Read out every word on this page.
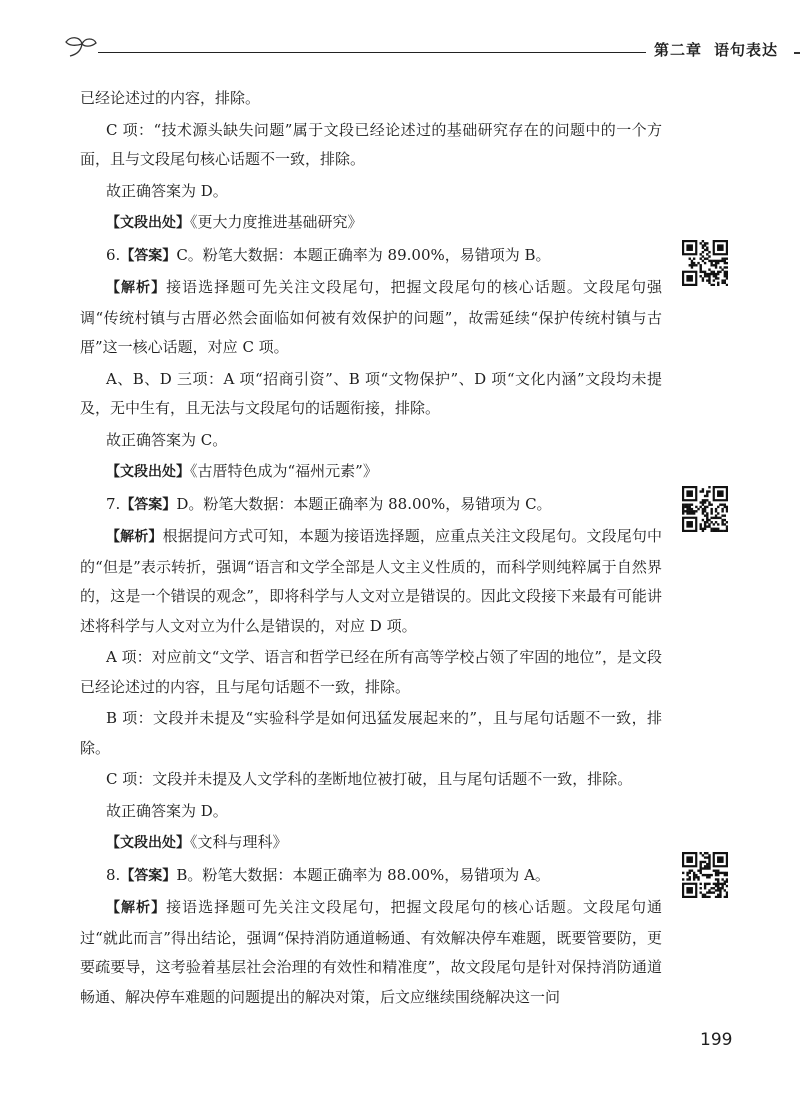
第二章 语句表达

已经论述过的内容，排除。

C 项：“技术源头缺失问题”属于文段已经论述过的基础研究存在的问题中的一个方面，且与文段尾句核心话题不一致，排除。

故正确答案为 D。

【文段出处】《更大力度推进基础研究》

6.【答案】C。粉笔大数据：本题正确率为 89.00%，易错项为 B。

【解析】接语选择题可先关注文段尾句，把握文段尾句的核心话题。文段尾句强调“传统村镇与古厝必然会面临如何被有效保护的问题”，故需延续“保护传统村镇与古厝”这一核心话题，对应 C 项。

A、B、D 三项：A 项“招商引资”、B 项“文物保护”、D 项“文化内涵”文段均未提及，无中生有，且无法与文段尾句的话题衔接，排除。

故正确答案为 C。

【文段出处】《古厝特色成为“福州元素”》

7.【答案】D。粉笔大数据：本题正确率为 88.00%，易错项为 C。

【解析】根据提问方式可知，本题为接语选择题，应重点关注文段尾句。文段尾句中的“但是”表示转折，强调“语言和文学全部是人文主义性质的，而科学则纯粹属于自然界的，这是一个错误的观念”，即将科学与人文对立是错误的。因此文段接下来最有可能讲述将科学与人文对立为什么是错误的，对应 D 项。

A 项：对应前文“文学、语言和哲学已经在所有高等学校占领了牢固的地位”，是文段已经论述过的内容，且与尾句话题不一致，排除。

B 项：文段并未提及“实验科学是如何迅猛发展起来的”，且与尾句话题不一致，排除。

C 项：文段并未提及人文学科的垄断地位被打破，且与尾句话题不一致，排除。

故正确答案为 D。

【文段出处】《文科与理科》

8.【答案】B。粉笔大数据：本题正确率为 88.00%，易错项为 A。

【解析】接语选择题可先关注文段尾句，把握文段尾句的核心话题。文段尾句通过“就此而言”得出结论，强调“保持消防通道畅通、有效解决停车难题，既要管要防，更要疏要导，这考验着基层社会治理的有效性和精准度”，故文段尾句是针对保持消防通道畅通、解决停车难题的问题提出的解决对策，后文应继续围绕解决这一问

199
